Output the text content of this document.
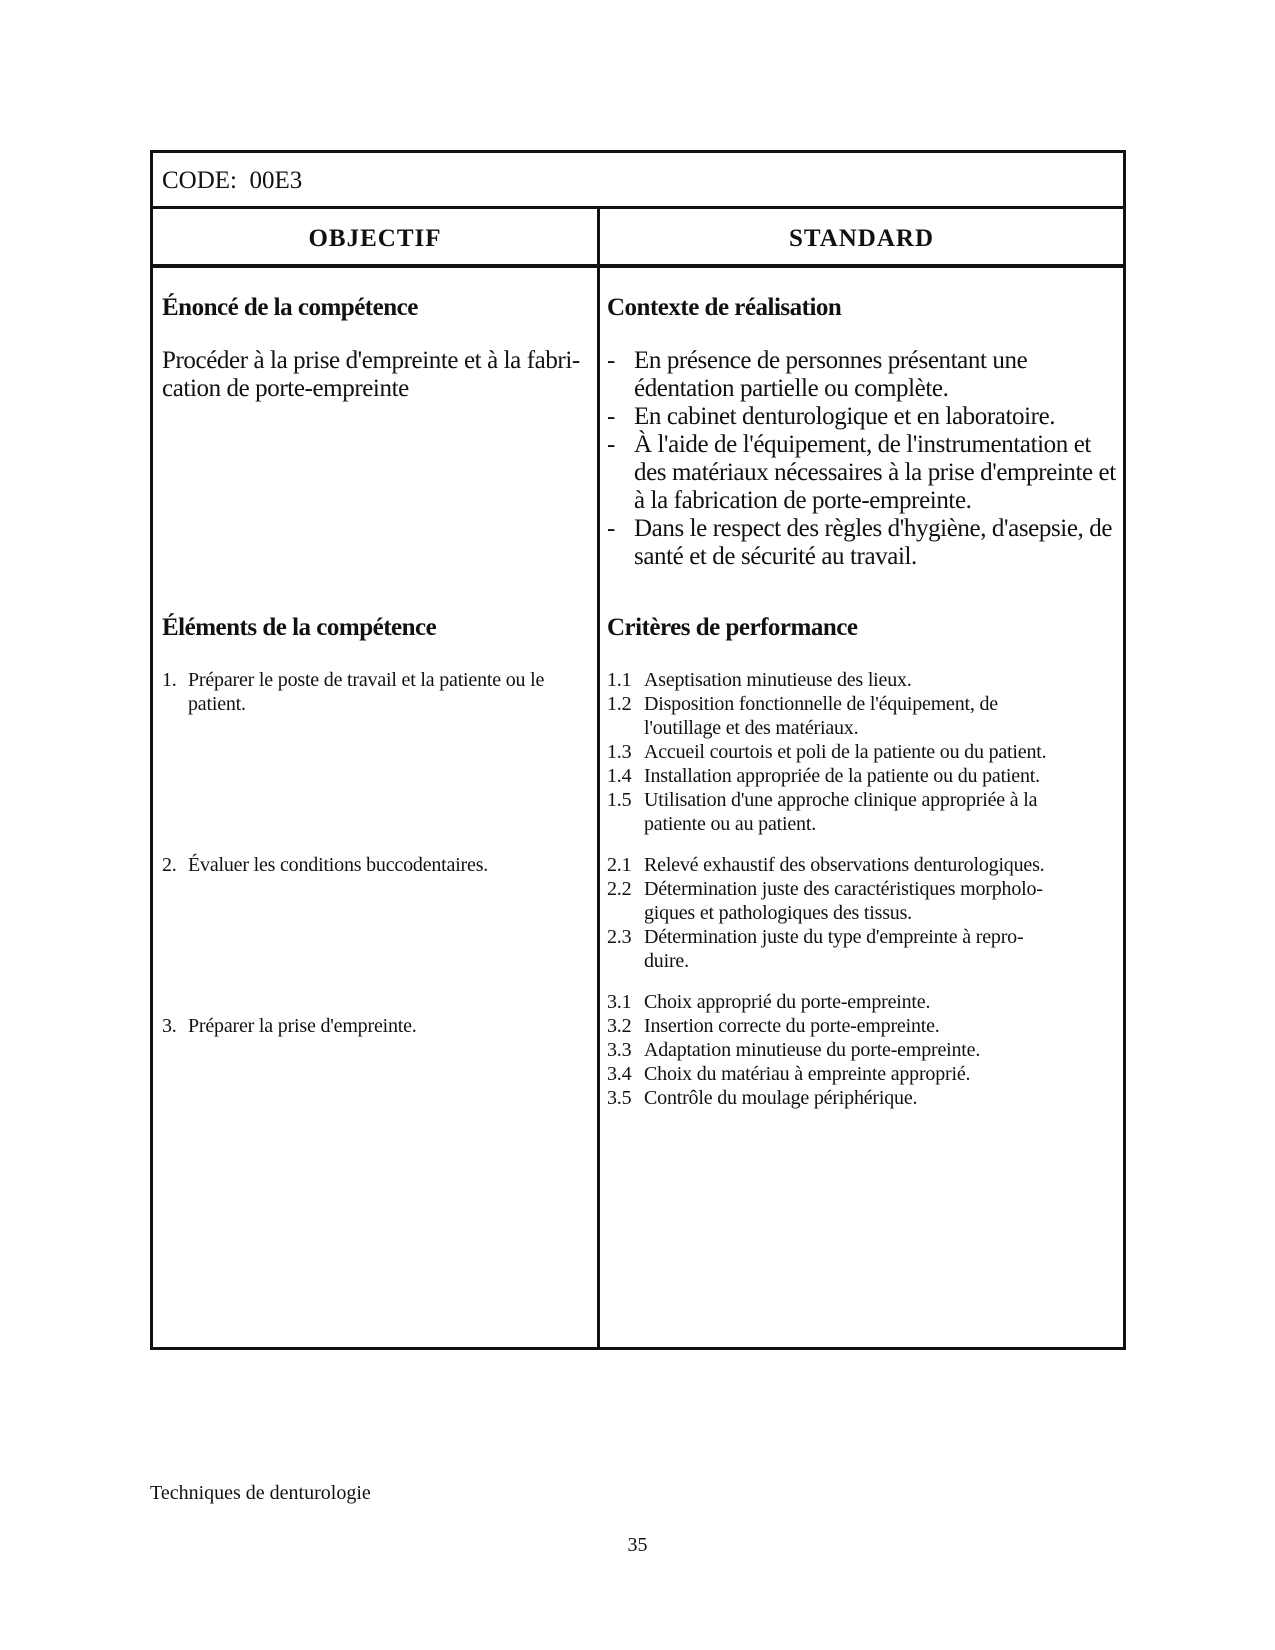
CODE: 00E3
OBJECTIF	STANDARD
Énoncé de la compétence
Procéder à la prise d'empreinte et à la fabri-
cation de porte-empreinte
Éléments de la compétence
1. Préparer le poste de travail et la patiente ou le
patient.
2. Évaluer les conditions buccodentaires.
3. Préparer la prise d'empreinte.
Contexte de réalisation
- En présence de personnes présentant une
édentation partielle ou complète.
- En cabinet denturologique et en laboratoire.
- À l'aide de l'équipement, de l'instrumentation et
des matériaux nécessaires à la prise d'empreinte et
à la fabrication de porte-empreinte.
- Dans le respect des règles d'hygiène, d'asepsie, de
santé et de sécurité au travail.
Critères de performance
1.1 Aseptisation minutieuse des lieux.
1.2 Disposition fonctionnelle de l'équipement, de
l'outillage et des matériaux.
1.3 Accueil courtois et poli de la patiente ou du patient.
1.4 Installation appropriée de la patiente ou du patient.
1.5 Utilisation d'une approche clinique appropriée à la
patiente ou au patient.
2.1 Relevé exhaustif des observations denturologiques.
2.2 Détermination juste des caractéristiques morpholo-
giques et pathologiques des tissus.
2.3 Détermination juste du type d'empreinte à repro-
duire.
3.1 Choix approprié du porte-empreinte.
3.2 Insertion correcte du porte-empreinte.
3.3 Adaptation minutieuse du porte-empreinte.
3.4 Choix du matériau à empreinte approprié.
3.5 Contrôle du moulage périphérique.
Techniques de denturologie
35
